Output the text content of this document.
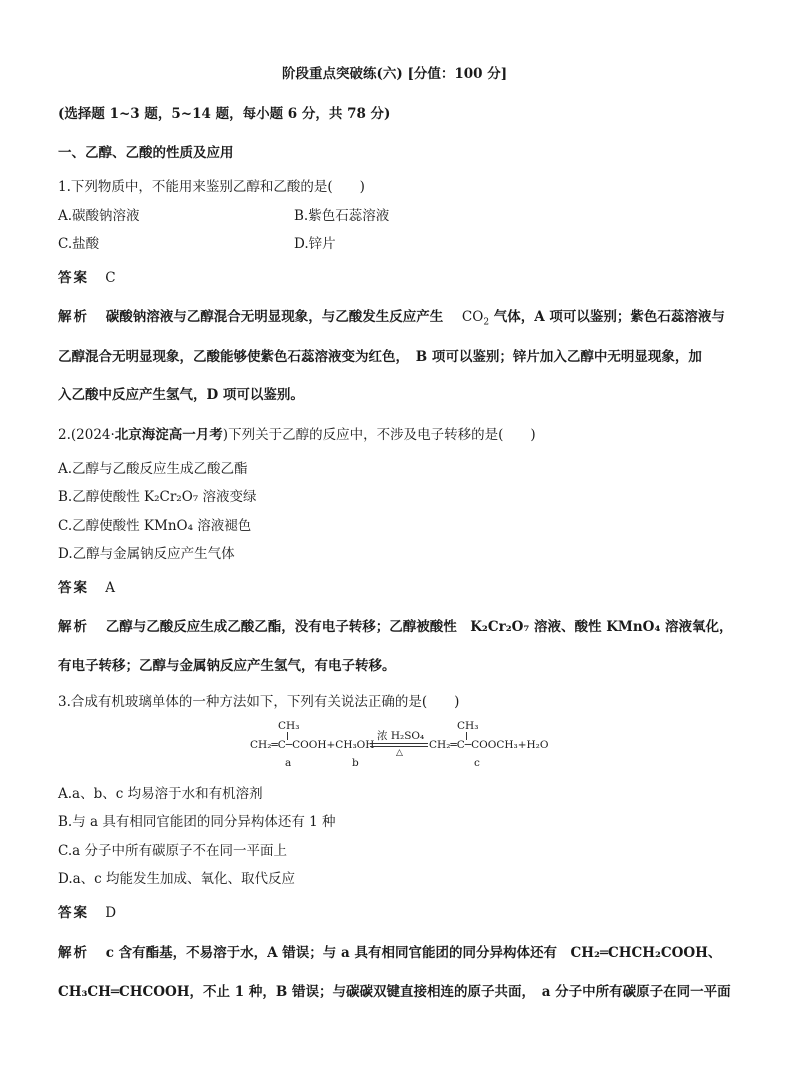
阶段重点突破练(六) [分值：100 分]
(选择题 1~3 题，5~14 题，每小题 6 分，共 78 分)
一、乙醇、乙酸的性质及应用
1.下列物质中，不能用来鉴别乙醇和乙酸的是(　　)
A.碳酸钠溶液	B.紫色石蕊溶液
C.盐酸	D.锌片
答案 C
解析 碳酸钠溶液与乙醇混合无明显现象，与乙酸发生反应产生 $CO_2$ 气体，A 项可以鉴别；紫色石蕊溶液与
乙醇混合无明显现象，乙酸能够使紫色石蕊溶液变为红色，　B 项可以鉴别；锌片加入乙醇中无明显现象，加
入乙酸中反应产生氢气，D 项可以鉴别。
2.(2024·北京海淀高一月考)下列关于乙醇的反应中，不涉及电子转移的是(　　)
A.乙醇与乙酸反应生成乙酸乙酯
B.乙醇使酸性 K₂Cr₂O₇ 溶液变绿
C.乙醇使酸性 KMnO₄ 溶液褪色
D.乙醇与金属钠反应产生气体
答案 A
解析 乙醇与乙酸反应生成乙酸乙酯，没有电子转移；乙醇被酸性　K₂Cr₂O₇ 溶液、酸性 KMnO₄ 溶液氧化，
有电子转移；乙醇与金属钠反应产生氢气，有电子转移。
3.合成有机玻璃单体的一种方法如下，下列有关说法正确的是(　　)
CH₃
CH₂═C─COOH+CH₃OH
浓 H₂SO₄
△
CH₃
CH₂═C─COOCH₃+H₂O
a	b	c
A.a、b、c 均易溶于水和有机溶剂
B.与 a 具有相同官能团的同分异构体还有 1 种
C.a 分子中所有碳原子不在同一平面上
D.a、c 均能发生加成、氧化、取代反应
答案 D
解析 c 含有酯基，不易溶于水，A 错误；与 a 具有相同官能团的同分异构体还有　CH₂═CHCH₂COOH、
CH₃CH═CHCOOH，不止 1 种，B 错误；与碳碳双键直接相连的原子共面，　a 分子中所有碳原子在同一平面
